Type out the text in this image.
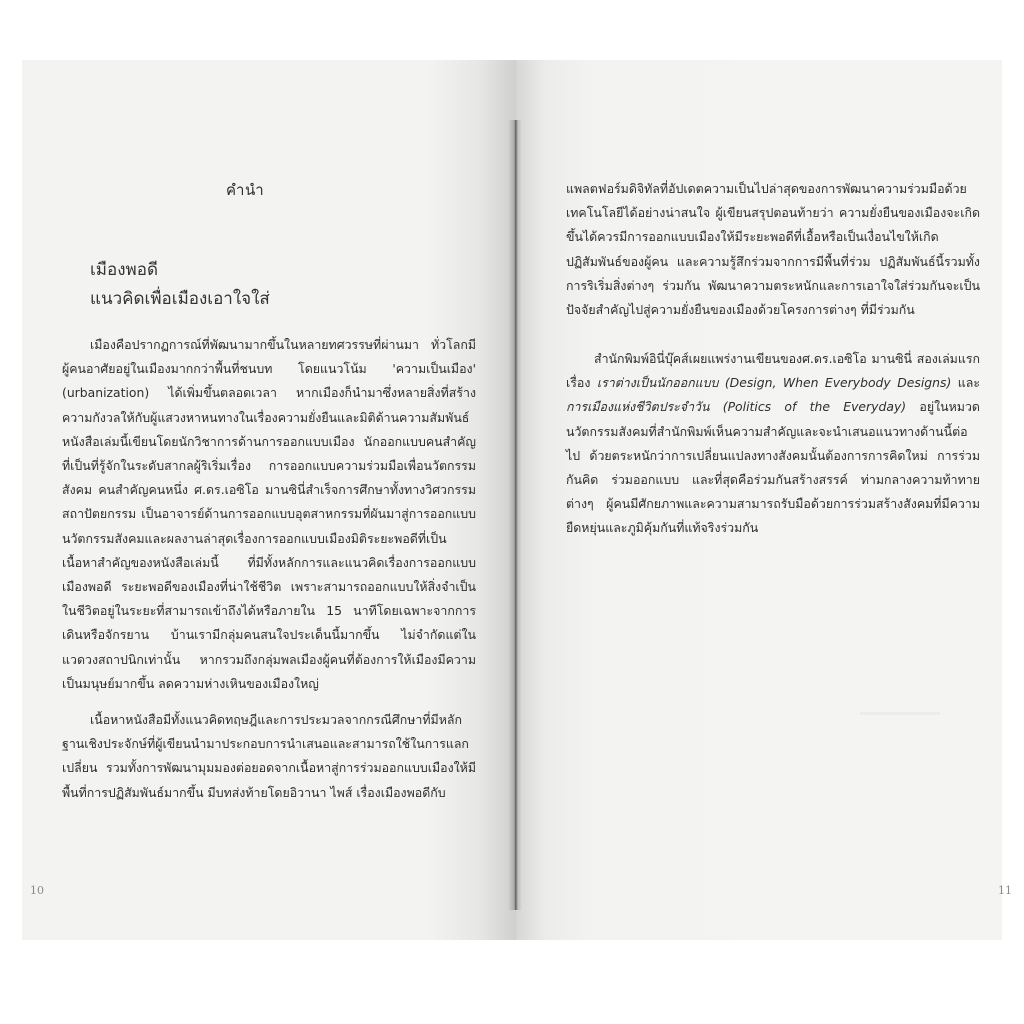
คำนำ
เมืองพอดี
แนวคิดเพื่อเมืองเอาใจใส่

เมืองคือปรากฏการณ์ที่พัฒนามากขึ้นในหลายทศวรรษที่ผ่านมา ทั่วโลกมีผู้คนอาศัยอยู่ในเมืองมากกว่าพื้นที่ชนบท โดยแนวโน้ม 'ความเป็นเมือง' (urbanization) ได้เพิ่มขึ้นตลอดเวลา หากเมืองก็นำมาซึ่งหลายสิ่งที่สร้างความกังวลให้กับผู้แสวงหาหนทางในเรื่องความยั่งยืนและมิติด้านความสัมพันธ์ หนังสือเล่มนี้เขียนโดยนักวิชาการด้านการออกแบบเมือง นักออกแบบคนสำคัญที่เป็นที่รู้จักในระดับสากลผู้ริเริ่มเรื่อง การออกแบบความร่วมมือเพื่อนวัตกรรมสังคม คนสำคัญคนหนึ่ง ศ.ดร.เอซิโอ มานซินี่สำเร็จการศึกษาทั้งทางวิศวกรรมสถาปัตยกรรม เป็นอาจารย์ด้านการออกแบบอุตสาหกรรมที่ผันมาสู่การออกแบบนวัตกรรมสังคมและผลงานล่าสุดเรื่องการออกแบบเมืองมิติระยะพอดีที่เป็นเนื้อหาสำคัญของหนังสือเล่มนี้ ที่มีทั้งหลักการและแนวคิดเรื่องการออกแบบเมืองพอดี ระยะพอดีของเมืองที่น่าใช้ชีวิต เพราะสามารถออกแบบให้สิ่งจำเป็นในชีวิตอยู่ในระยะที่สามารถเข้าถึงได้หรือภายใน 15 นาทีโดยเฉพาะจากการเดินหรือจักรยาน บ้านเรามีกลุ่มคนสนใจประเด็นนี้มากขึ้น ไม่จำกัดแต่ในแวดวงสถาปนิกเท่านั้น หากรวมถึงกลุ่มพลเมืองผู้คนที่ต้องการให้เมืองมีความเป็นมนุษย์มากขึ้น ลดความห่างเหินของเมืองใหญ่

เนื้อหาหนังสือมีทั้งแนวคิดทฤษฎีและการประมวลจากกรณีศึกษาที่มีหลักฐานเชิงประจักษ์ที่ผู้เขียนนำมาประกอบการนำเสนอและสามารถใช้ในการแลกเปลี่ยน รวมทั้งการพัฒนามุมมองต่อยอดจากเนื้อหาสู่การร่วมออกแบบเมืองให้มีพื้นที่การปฏิสัมพันธ์มากขึ้น มีบทส่งท้ายโดยอิวานา ไพส์ เรื่องเมืองพอดีกับ

แพลตฟอร์มดิจิทัลที่อัปเดตความเป็นไปล่าสุดของการพัฒนาความร่วมมือด้วยเทคโนโลยีได้อย่างน่าสนใจ ผู้เขียนสรุปตอนท้ายว่า ความยั่งยืนของเมืองจะเกิดขึ้นได้ควรมีการออกแบบเมืองให้มีระยะพอดีที่เอื้อหรือเป็นเงื่อนไขให้เกิดปฏิสัมพันธ์ของผู้คน และความรู้สึกร่วมจากการมีพื้นที่ร่วม ปฏิสัมพันธ์นี้รวมทั้งการริเริ่มสิ่งต่างๆ ร่วมกัน พัฒนาความตระหนักและการเอาใจใส่ร่วมกันจะเป็นปัจจัยสำคัญไปสู่ความยั่งยืนของเมืองด้วยโครงการต่างๆ ที่มีร่วมกัน

สำนักพิมพ์อินี่บุ๊คส์เผยแพร่งานเขียนของศ.ดร.เอซิโอ มานซินี่ สองเล่มแรกเรื่อง เราต่างเป็นนักออกแบบ (Design, When Everybody Designs) และ การเมืองแห่งชีวิตประจำวัน (Politics of the Everyday) อยู่ในหมวดนวัตกรรมสังคมที่สำนักพิมพ์เห็นความสำคัญและจะนำเสนอแนวทางด้านนี้ต่อไป ด้วยตระหนักว่าการเปลี่ยนแปลงทางสังคมนั้นต้องการการคิดใหม่ การร่วมกันคิด ร่วมออกแบบ และที่สุดคือร่วมกันสร้างสรรค์ ท่ามกลางความท้าทายต่างๆ ผู้คนมีศักยภาพและความสามารถรับมือด้วยการร่วมสร้างสังคมที่มีความยืดหยุ่นและภูมิคุ้มกันที่แท้จริงร่วมกัน

10	11
